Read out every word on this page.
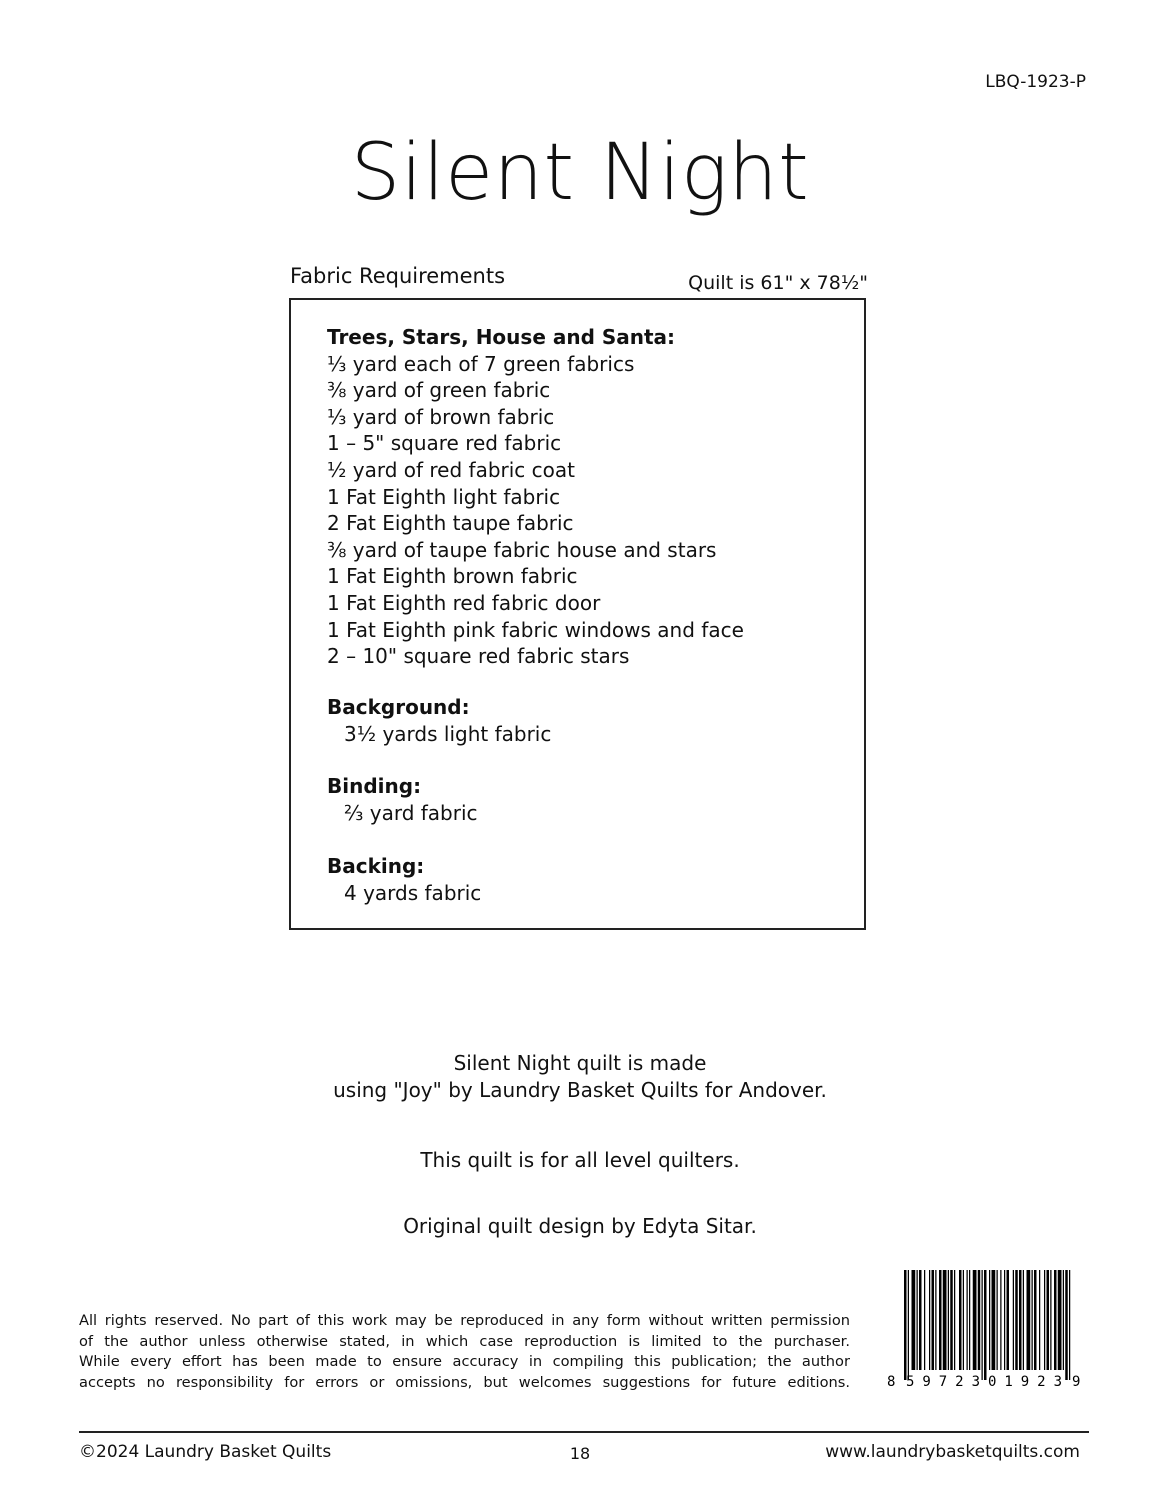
LBQ-1923-P
Silent Night
Fabric Requirements	Quilt is 61" x 78½"
Trees, Stars, House and Santa:
⅓ yard each of 7 green fabrics
⅜ yard of green fabric
⅓ yard of brown fabric
1 – 5" square red fabric
½ yard of red fabric coat
1 Fat Eighth light fabric
2 Fat Eighth taupe fabric
⅜ yard of taupe fabric house and stars
1 Fat Eighth brown fabric
1 Fat Eighth red fabric door
1 Fat Eighth pink fabric windows and face
2 – 10" square red fabric stars
Background:
3½ yards light fabric
Binding:
⅔ yard fabric
Backing:
4 yards fabric
Silent Night quilt is made
using "Joy" by Laundry Basket Quilts for Andover.
This quilt is for all level quilters.
Original quilt design by Edyta Sitar.
All rights reserved. No part of this work may be reproduced in any form without written permission
of the author unless otherwise stated, in which case reproduction is limited to the purchaser.
While every effort has been made to ensure accuracy in compiling this publication; the author
accepts no responsibility for errors or omissions, but welcomes suggestions for future editions.	8 59723 01923 9
©2024 Laundry Basket Quilts	18	www.laundrybasketquilts.com
